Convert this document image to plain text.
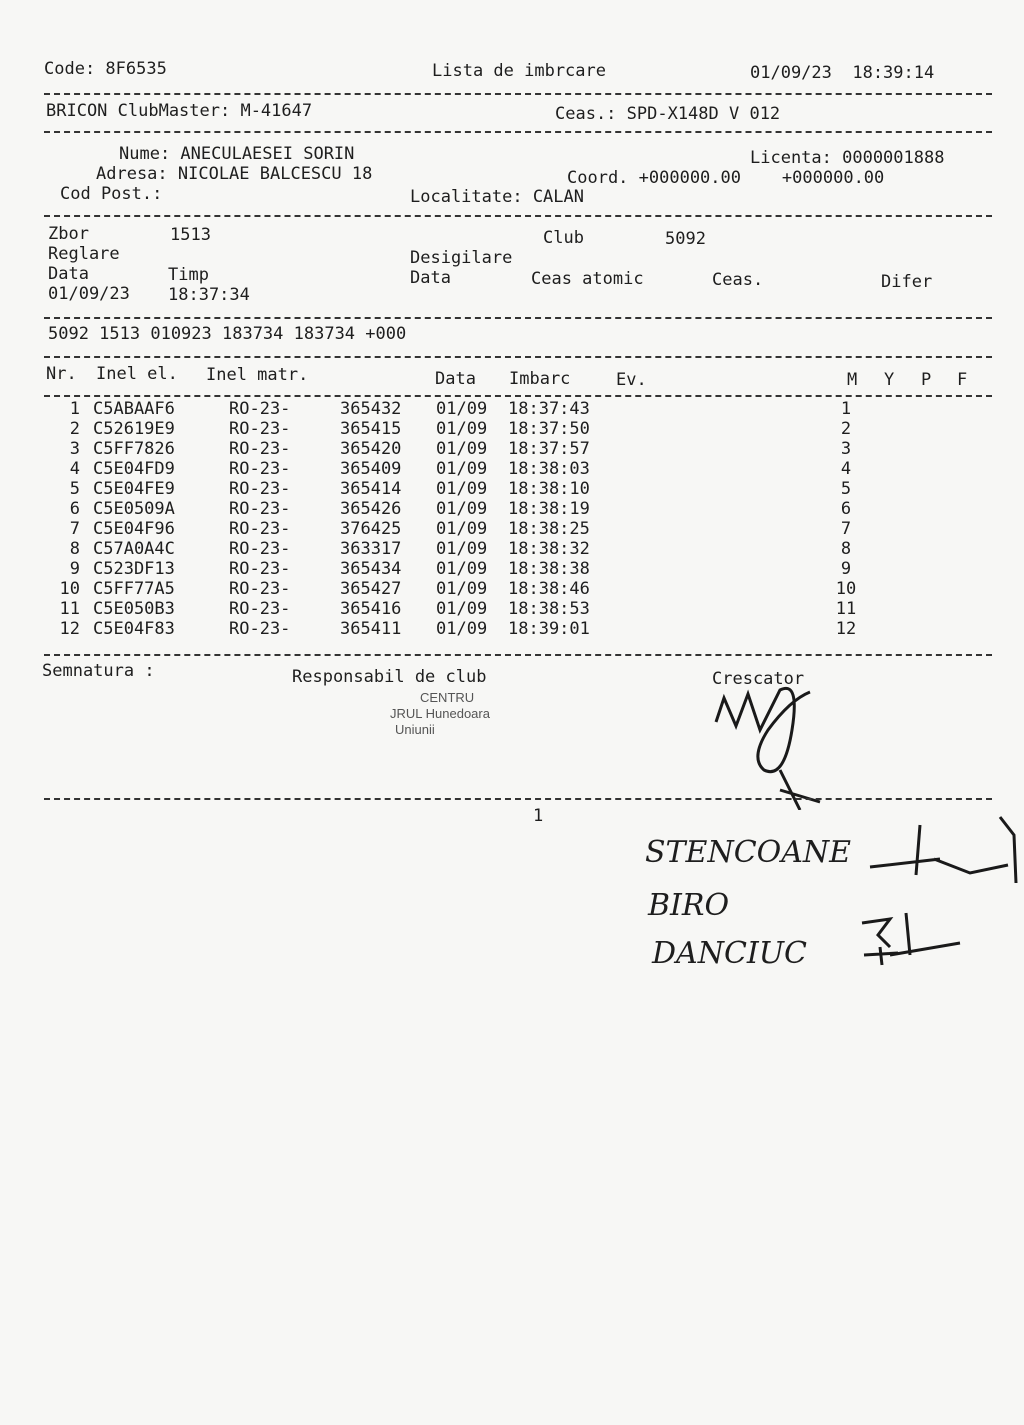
Code: 8F6535	Lista de imbrcare	01/09/23  18:39:14
BRICON ClubMaster: M-41647	Ceas.: SPD-X148D V 012
Nume: ANECULAESEI SORIN	Licenta: 0000001888
Adresa: NICOLAE BALCESCU 18	Coord. +000000.00    +000000.00
Cod Post.:	Localitate: CALAN
Zbor	1513	Club	5092
Reglare	Desigilare
Data	Timp	Data	Ceas atomic	Ceas.	Difer
01/09/23 18:37:34
5092 1513 010923 183734 183734 +000
Nr. Inel el. Inel matr.	Data Imbarc	Ev.	M Y P F
1 C5ABAAF6	RO-23-	365432 01/09 18:37:43	1
2 C52619E9	RO-23-	365415 01/09 18:37:50	2
3 C5FF7826	RO-23-	365420 01/09 18:37:57	3
4 C5E04FD9	RO-23-	365409 01/09 18:38:03	4
5 C5E04FE9	RO-23-	365414 01/09 18:38:10	5
6 C5E0509A	RO-23-	365426 01/09 18:38:19	6
7 C5E04F96	RO-23-	376425 01/09 18:38:25	7
8 C57A0A4C	RO-23-	363317 01/09 18:38:32	8
9 C523DF13	RO-23-	365434 01/09 18:38:38	9
10 C5FF77A5	RO-23-	365427 01/09 18:38:46	10
11 C5E050B3	RO-23-	365416 01/09 18:38:53	11
12 C5E04F83	RO-23-	365411 01/09 18:39:01	12
Semnatura :	Responsabil de club	Crescator
CENTRU
JRUL Hunedoara
Uniunii
1
STENCOANE
BIRO
DANCIUC
